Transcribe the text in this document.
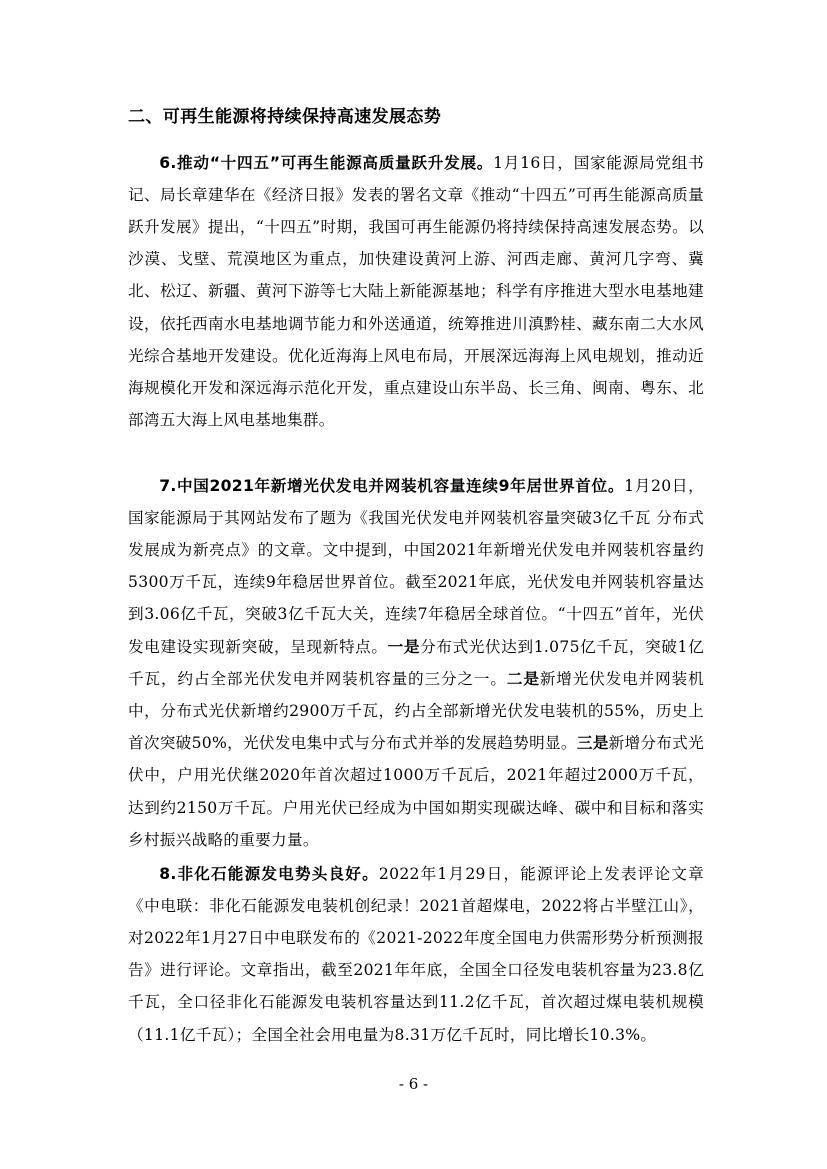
二、可再生能源将持续保持高速发展态势

6.推动“十四五”可再生能源高质量跃升发展。1月16日，国家能源局党组书记、局长章建华在《经济日报》发表的署名文章《推动“十四五”可再生能源高质量跃升发展》提出，“十四五”时期，我国可再生能源仍将持续保持高速发展态势。以沙漠、戈壁、荒漠地区为重点，加快建设黄河上游、河西走廊、黄河几字弯、冀北、松辽、新疆、黄河下游等七大陆上新能源基地；科学有序推进大型水电基地建设，依托西南水电基地调节能力和外送通道，统筹推进川滇黔桂、藏东南二大水风光综合基地开发建设。优化近海海上风电布局，开展深远海海上风电规划，推动近海规模化开发和深远海示范化开发，重点建设山东半岛、长三角、闽南、粤东、北部湾五大海上风电基地集群。

7.中国2021年新增光伏发电并网装机容量连续9年居世界首位。1月20日，国家能源局于其网站发布了题为《我国光伏发电并网装机容量突破3亿千瓦 分布式发展成为新亮点》的文章。文中提到，中国2021年新增光伏发电并网装机容量约5300万千瓦，连续9年稳居世界首位。截至2021年底，光伏发电并网装机容量达到3.06亿千瓦，突破3亿千瓦大关，连续7年稳居全球首位。“十四五”首年，光伏发电建设实现新突破，呈现新特点。一是分布式光伏达到1.075亿千瓦，突破1亿千瓦，约占全部光伏发电并网装机容量的三分之一。二是新增光伏发电并网装机中，分布式光伏新增约2900万千瓦，约占全部新增光伏发电装机的55%，历史上首次突破50%，光伏发电集中式与分布式并举的发展趋势明显。三是新增分布式光伏中，户用光伏继2020年首次超过1000万千瓦后，2021年超过2000万千瓦，达到约2150万千瓦。户用光伏已经成为中国如期实现碳达峰、碳中和目标和落实乡村振兴战略的重要力量。

8.非化石能源发电势头良好。2022年1月29日，能源评论上发表评论文章《中电联：非化石能源发电装机创纪录！2021首超煤电，2022将占半壁江山》，对2022年1月27日中电联发布的《2021-2022年度全国电力供需形势分析预测报告》进行评论。文章指出，截至2021年年底，全国全口径发电装机容量为23.8亿千瓦，全口径非化石能源发电装机容量达到11.2亿千瓦，首次超过煤电装机规模（11.1亿千瓦）；全国全社会用电量为8.31万亿千瓦时，同比增长10.3%。

- 6 -
